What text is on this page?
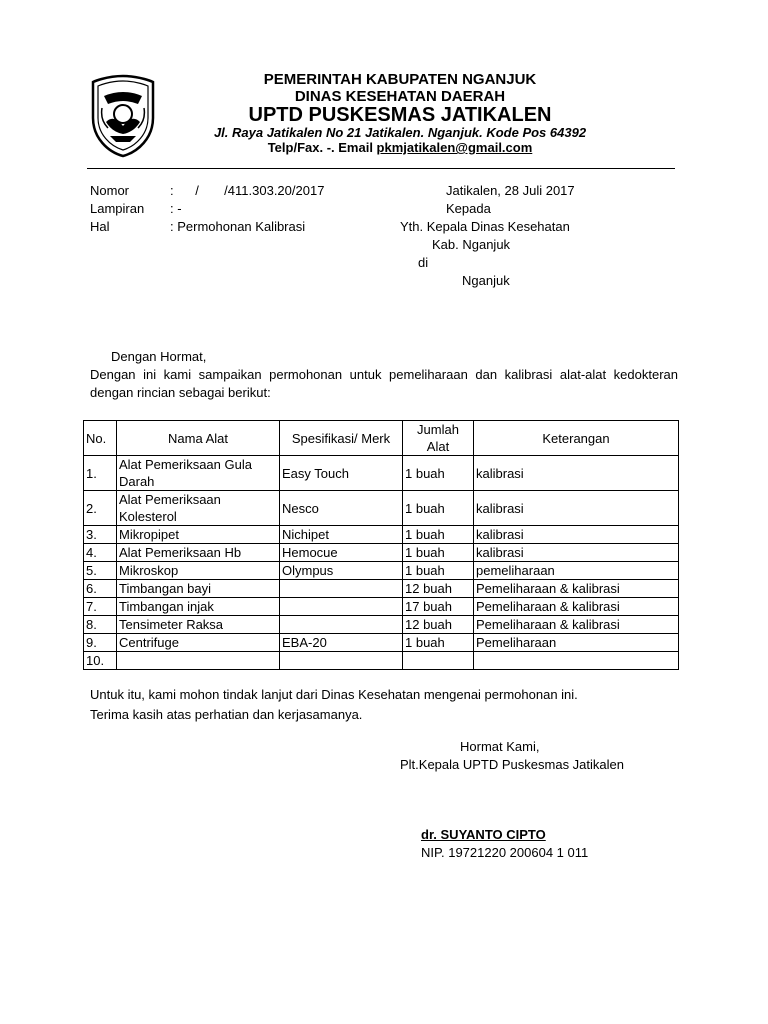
PEMERINTAH KABUPATEN NGANJUK
DINAS KESEHATAN DAERAH
UPTD PUSKESMAS JATIKALEN
Jl. Raya Jatikalen No 21 Jatikalen. Nganjuk. Kode Pos 64392
Telp/Fax. -. Email pkmjatikalen@gmail.com
Nomor	:      /       /411.303.20/2017
Lampiran : -
Hal	: Permohonan Kalibrasi
Jatikalen, 28 Juli 2017
Kepada
Yth. Kepala Dinas Kesehatan
Kab. Nganjuk
di
Nganjuk
Dengan Hormat,
Dengan ini kami sampaikan permohonan untuk pemeliharaan dan kalibrasi alat-alat kedokteran dengan rincian sebagai berikut:
No.	Nama Alat	Spesifikasi/ Merk	Jumlah Alat	Keterangan
1.	Alat Pemeriksaan Gula Darah	Easy Touch	1 buah	kalibrasi
2.	Alat Pemeriksaan Kolesterol	Nesco	1 buah	kalibrasi
3.	Mikropipet	Nichipet	1 buah	kalibrasi
4.	Alat Pemeriksaan Hb	Hemocue	1 buah	kalibrasi
5.	Mikroskop	Olympus	1 buah	pemeliharaan
6.	Timbangan bayi		12 buah	Pemeliharaan & kalibrasi
7.	Timbangan injak		17 buah	Pemeliharaan & kalibrasi
8.	Tensimeter Raksa		12 buah	Pemeliharaan & kalibrasi
9.	Centrifuge	EBA-20	1 buah	Pemeliharaan
10.				
Untuk itu, kami mohon tindak lanjut dari Dinas Kesehatan mengenai permohonan ini.
Terima kasih atas perhatian dan kerjasamanya.
Hormat Kami,
Plt.Kepala UPTD Puskesmas Jatikalen
dr. SUYANTO CIPTO
NIP. 19721220 200604 1 011
